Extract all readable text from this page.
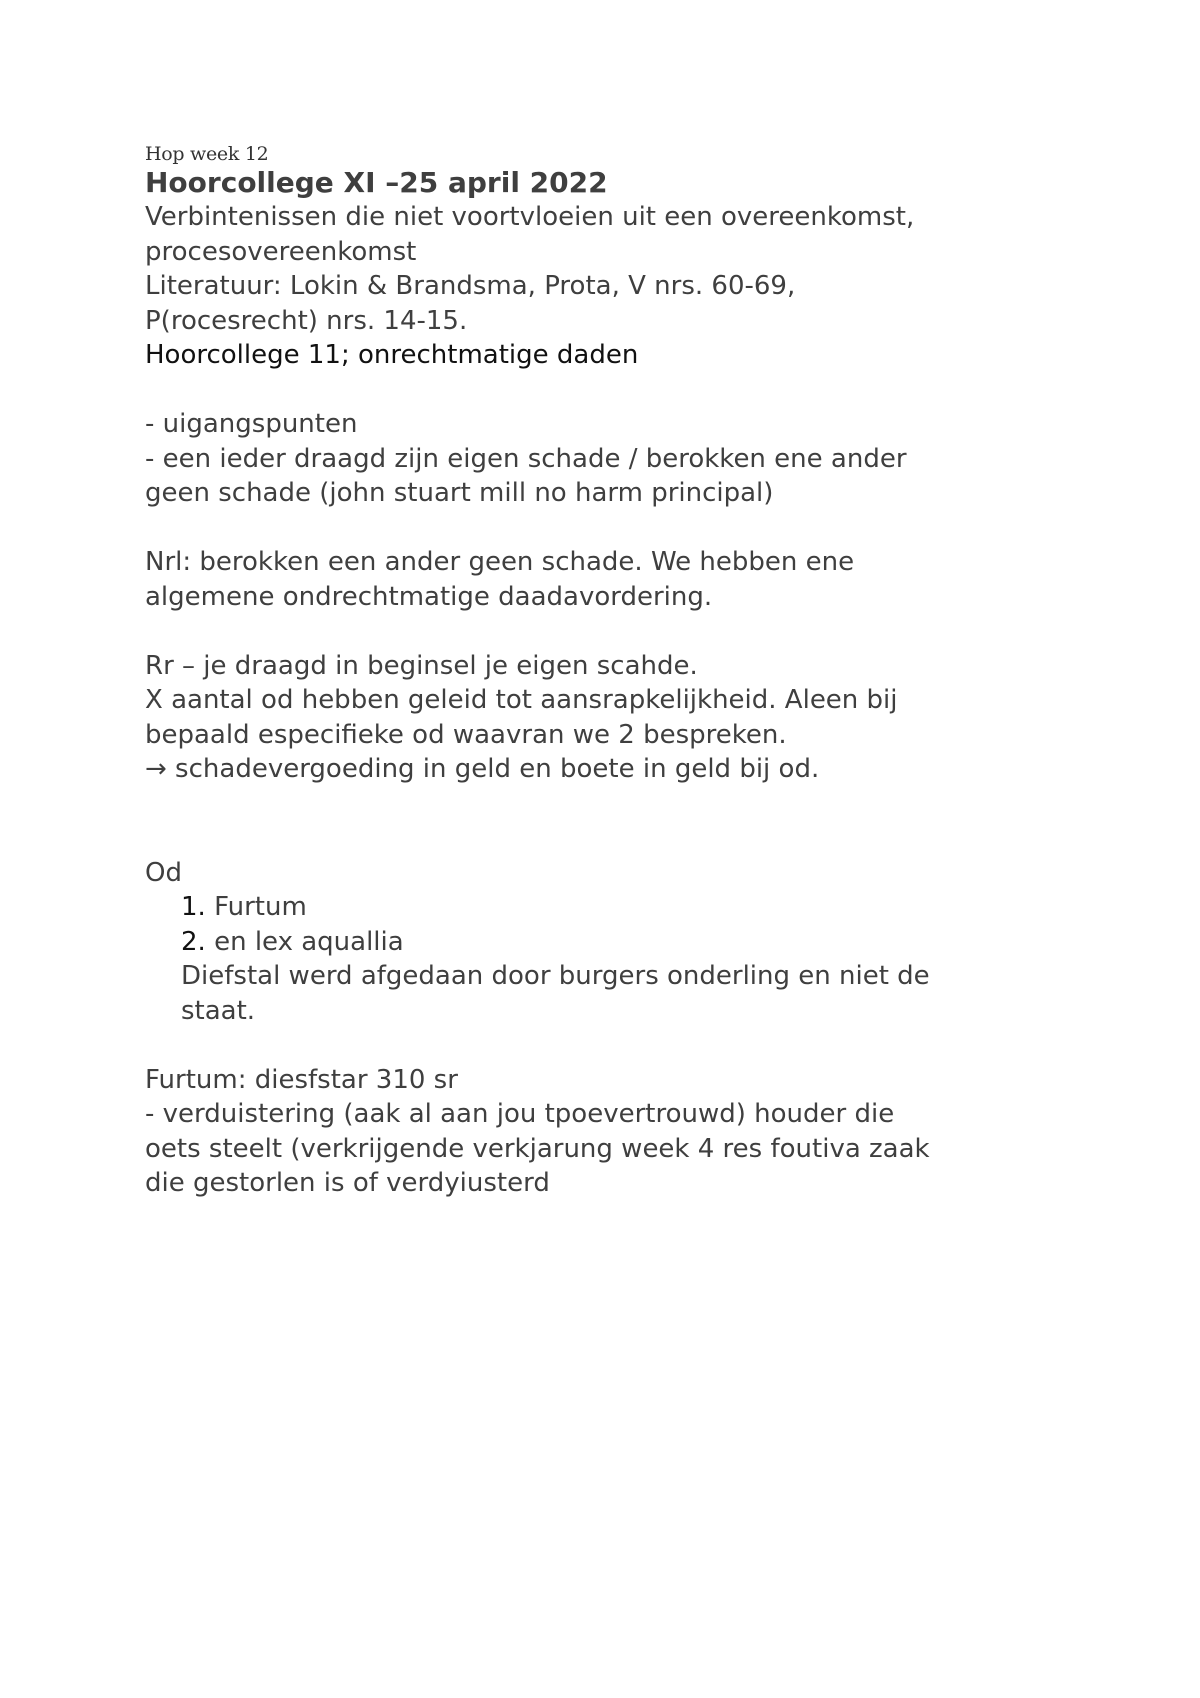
Hop week 12
Hoorcollege XI –25 april 2022

Verbintenissen die niet voortvloeien uit een overeenkomst,

procesovereenkomst

Literatuur: Lokin & Brandsma, Prota, V nrs. 60-69,

P(rocesrecht) nrs. 14-15.

Hoorcollege 11; onrechtmatige daden

- uigangspunten

- een ieder draagd zijn eigen schade / berokken ene ander

geen schade (john stuart mill no harm principal)

Nrl: berokken een ander geen schade. We hebben ene

algemene ondrechtmatige daadavordering.

Rr – je draagd in beginsel je eigen scahde.

X aantal od hebben geleid tot aansrapkelijkheid. Aleen bij

bepaald especifieke od waavran we 2 bespreken.

→ schadevergoeding in geld en boete in geld bij od.

Od

1. Furtum
2. en lex aquallia

Diefstal werd afgedaan door burgers onderling en niet de

staat.

Furtum: diesfstar 310 sr

- verduistering (aak al aan jou tpoevertrouwd) houder die

oets steelt (verkrijgende verkjarung week 4 res foutiva zaak

die gestorlen is of verdyiusterd
